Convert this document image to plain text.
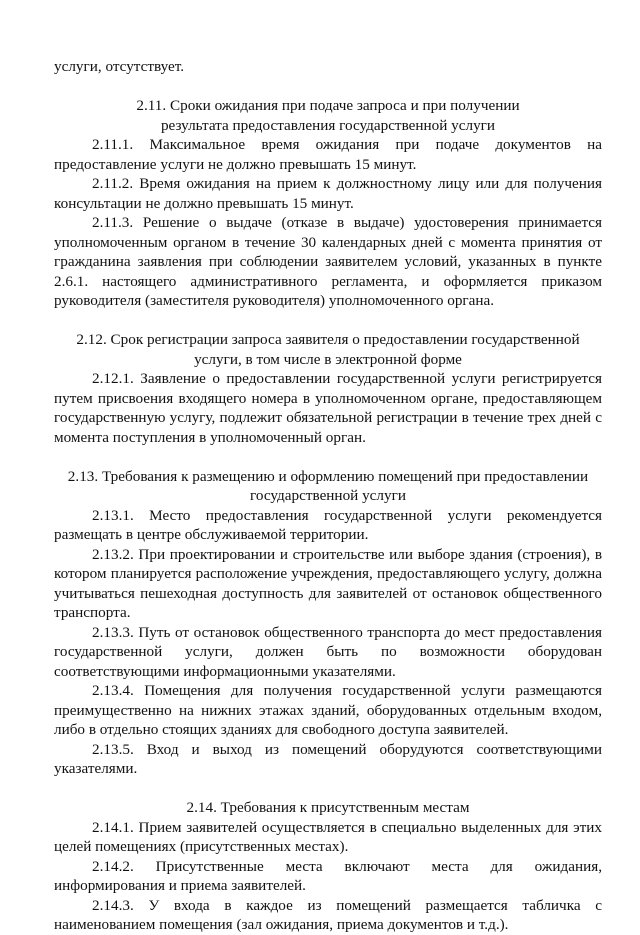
услуги, отсутствует.

2.11. Сроки ожидания при подаче запроса и при получении

результата предоставления государственной услуги

2.11.1. Максимальное время ожидания при подаче документов на предоставление услуги не должно превышать 15 минут.

2.11.2. Время ожидания на прием к должностному лицу или для получения консультации не должно превышать 15 минут.

2.11.3. Решение о выдаче (отказе в выдаче) удостоверения принимается уполномоченным органом в течение 30 календарных дней с момента принятия от гражданина заявления при соблюдении заявителем условий, указанных в пункте 2.6.1. настоящего административного регламента, и оформляется приказом руководителя (заместителя руководителя) уполномоченного органа.

2.12. Срок регистрации запроса заявителя о предоставлении государственной

услуги, в том числе в электронной форме

2.12.1. Заявление о предоставлении государственной услуги регистрируется путем присвоения входящего номера в уполномоченном органе, предоставляющем государственную услугу, подлежит обязательной регистрации в течение трех дней с момента поступления в уполномоченный орган.

2.13. Требования к размещению и оформлению помещений при предоставлении

государственной услуги

2.13.1. Место предоставления государственной услуги рекомендуется размещать в центре обслуживаемой территории.

2.13.2. При проектировании и строительстве или выборе здания (строения), в котором планируется расположение учреждения, предоставляющего услугу, должна учитываться пешеходная доступность для заявителей от остановок общественного транспорта.

2.13.3. Путь от остановок общественного транспорта до мест предоставления государственной услуги, должен быть по возможности оборудован соответствующими информационными указателями.

2.13.4. Помещения для получения государственной услуги размещаются преимущественно на нижних этажах зданий, оборудованных отдельным входом, либо в отдельно стоящих зданиях для свободного доступа заявителей.

2.13.5. Вход и выход из помещений оборудуются соответствующими указателями.

2.14. Требования к присутственным местам

2.14.1. Прием заявителей осуществляется в специально выделенных для этих целей помещениях (присутственных местах).

2.14.2. Присутственные места включают места для ожидания, информирования и приема заявителей.

2.14.3. У входа в каждое из помещений размещается табличка с наименованием помещения (зал ожидания, приема документов и т.д.).
